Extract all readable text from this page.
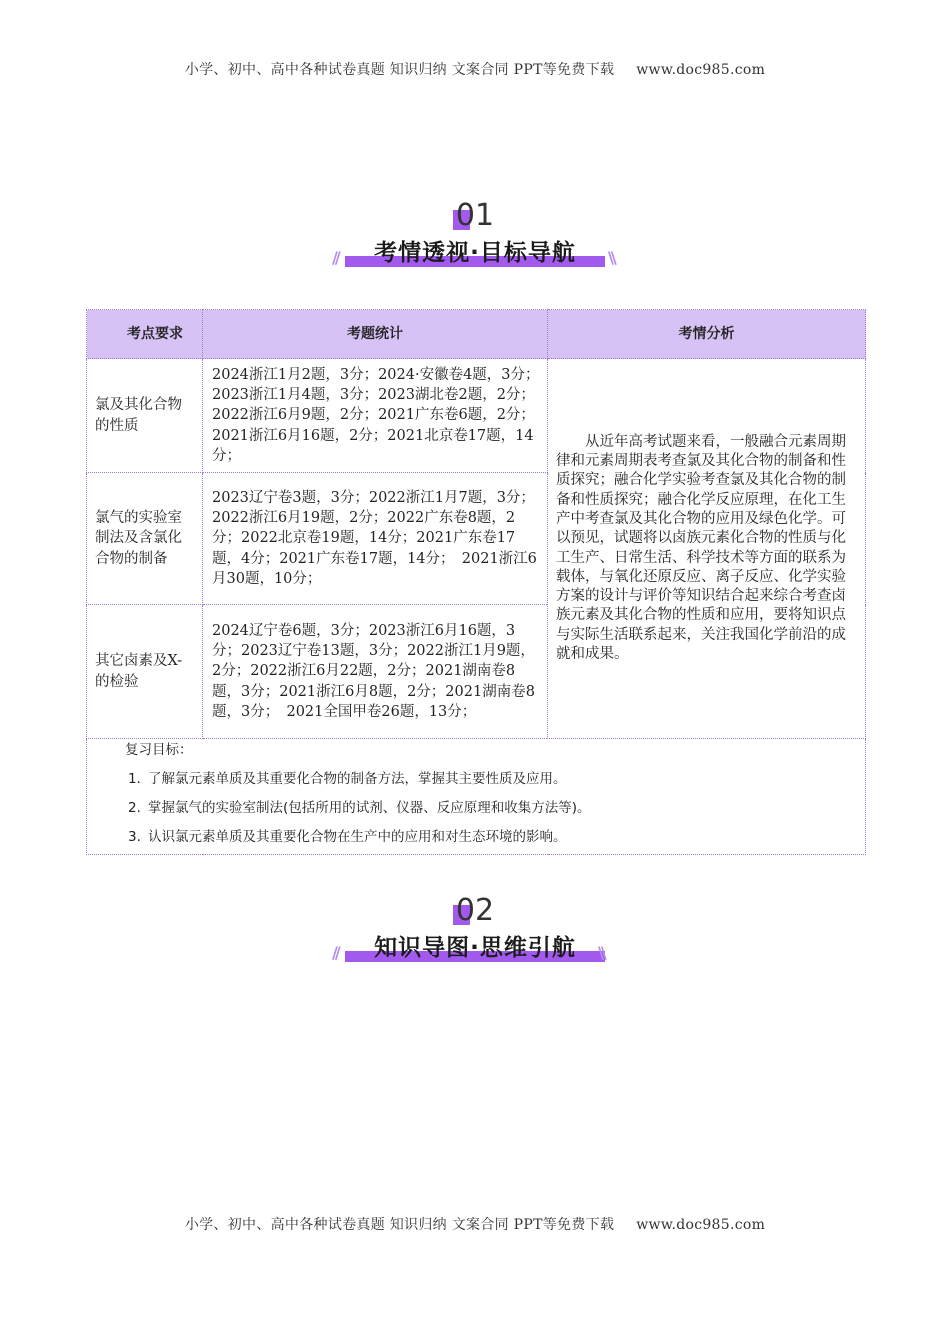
小学、初中、高中各种试卷真题 知识归纳 文案合同 PPT等免费下载 www.doc985.com
01
//	考情透视·目标导航	\\
考点要求	考题统计	考情分析
氯及其化合物的性质	2024浙江1月2题，3分；2024·安徽卷4题，3分；2023浙江1月4题，3分；2023湖北卷2题，2分；2022浙江6月9题，2分；2021广东卷6题，2分；2021浙江6月16题，2分；2021北京卷17题，14分；	从近年高考试题来看，一般融合元素周期律和元素周期表考查氯及其化合物的制备和性质探究；融合化学实验考查氯及其化合物的制备和性质探究；融合化学反应原理，在化工生产中考查氯及其化合物的应用及绿色化学。可以预见，试题将以卤族元素化合物的性质与化工生产、日常生活、科学技术等方面的联系为载体，与氧化还原反应、离子反应、化学实验方案的设计与评价等知识结合起来综合考查卤族元素及其化合物的性质和应用，要将知识点与实际生活联系起来，关注我国化学前沿的成就和成果。
氯气的实验室制法及含氯化合物的制备	2023辽宁卷3题，3分；2022浙江1月7题，3分；2022浙江6月19题，2分；2022广东卷8题，2分；2022北京卷19题，14分；2021广东卷17题，4分；2021广东卷17题，14分；　2021浙江6月30题，10分；	
其它卤素及X-的检验	2024辽宁卷6题，3分；2023浙江6月16题，3分；2023辽宁卷13题，3分；2022浙江1月9题，2分；2022浙江6月22题，2分；2021湖南卷8题，3分；2021浙江6月8题，2分；2021湖南卷8题，3分；　2021全国甲卷26题，13分；	

复习目标：
1．了解氯元素单质及其重要化合物的制备方法，掌握其主要性质及应用。
2. 掌握氯气的实验室制法(包括所用的试剂、仪器、反应原理和收集方法等)。
3. 认识氯元素单质及其重要化合物在生产中的应用和对生态环境的影响。		
02
//	知识导图·思维引航	\\
小学、初中、高中各种试卷真题 知识归纳 文案合同 PPT等免费下载 www.doc985.com
